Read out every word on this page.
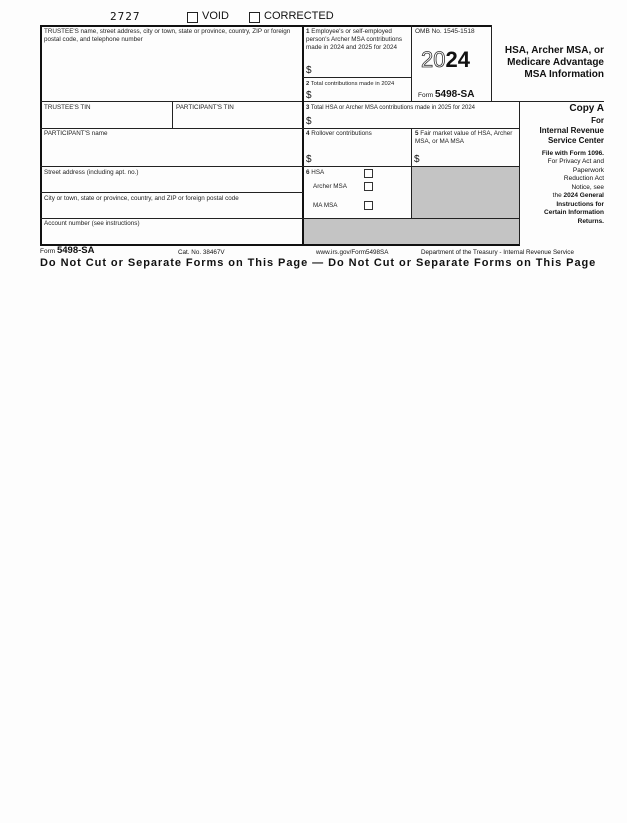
2727	VOID	CORRECTED
TRUSTEE'S name, street address, city or town, state or province, country, ZIP or foreign postal code, and telephone number
1 Employee's or self-employed person's Archer MSA contributions made in 2024 and 2025 for 2024
$
2 Total contributions made in 2024
$
OMB No. 1545-1518
2024
Form 5498-SA
HSA, Archer MSA, or
Medicare Advantage
MSA Information
TRUSTEE'S TIN	PARTICIPANT'S TIN	3 Total HSA or Archer MSA contributions made in 2025 for 2024
$
Copy A
For
Internal Revenue
Service Center
File with Form 1096.
For Privacy Act and
Paperwork
Reduction Act
Notice, see
the 2024 General
Instructions for
Certain Information
Returns.
PARTICIPANT'S name	4 Rollover contributions
$
5 Fair market value of HSA, Archer MSA, or MA MSA
$
Street address (including apt. no.)	6 HSA
Archer MSA
MA MSA
City or town, state or province, country, and ZIP or foreign postal code
Account number (see instructions)
Form 5498-SA	Cat. No. 38467V	www.irs.gov/Form5498SA	Department of the Treasury - Internal Revenue Service
Do Not Cut or Separate Forms on This Page — Do Not Cut or Separate Forms on This Page
